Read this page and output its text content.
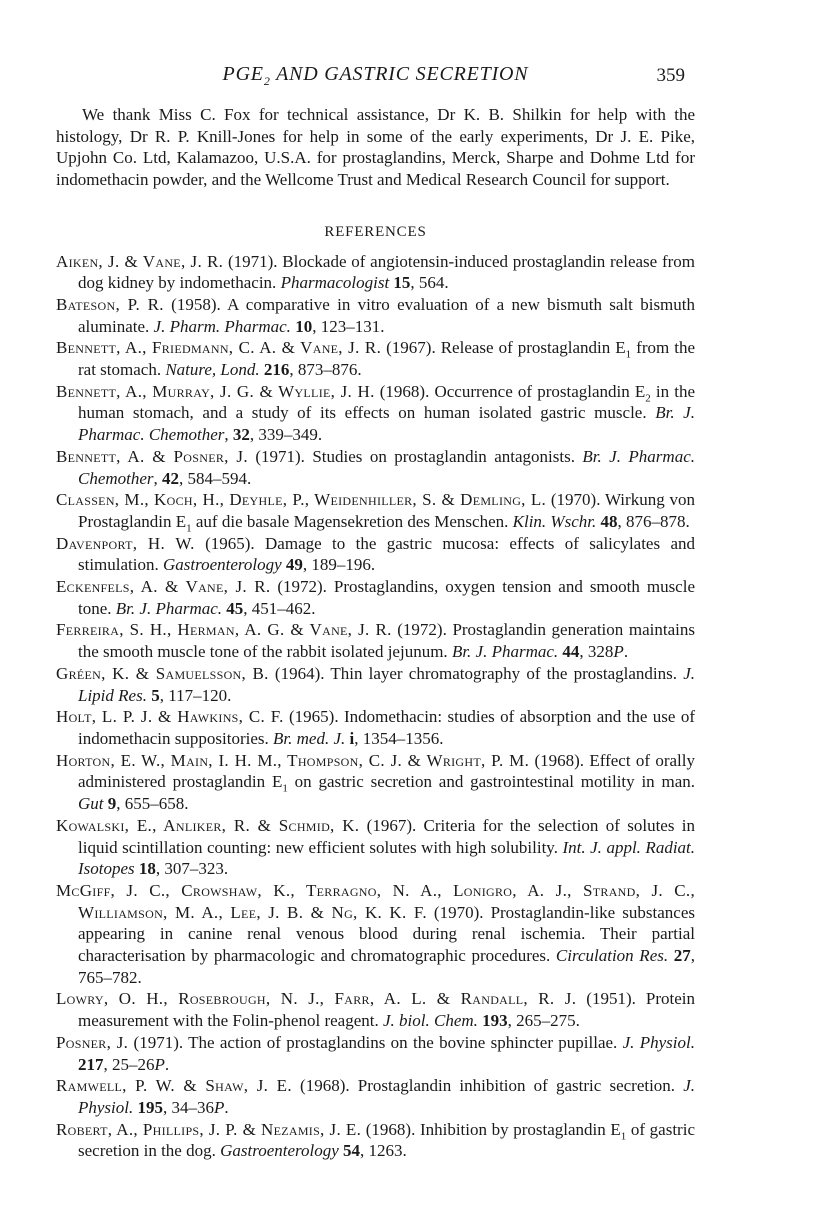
$PGE_2$ AND GASTRIC SECRETION	359

We thank Miss C. Fox for technical assistance, Dr K. B. Shilkin for help with the histology, Dr R. P. Knill-Jones for help in some of the early experiments, Dr J. E. Pike, Upjohn Co. Ltd, Kalamazoo, U.S.A. for prostaglandins, Merck, Sharpe and Dohme Ltd for indomethacin powder, and the Wellcome Trust and Medical Research Council for support.

REFERENCES

Aiken, J. & Vane, J. R. (1971). Blockade of angiotensin-induced prostaglandin release from dog kidney by indomethacin. Pharmacologist 15, 564.

Bateson, P. R. (1958). A comparative in vitro evaluation of a new bismuth salt bismuth aluminate. J. Pharm. Pharmac. 10, 123–131.

Bennett, A., Friedmann, C. A. & Vane, J. R. (1967). Release of prostaglandin $E_1$ from the rat stomach. Nature, Lond. 216, 873–876.

Bennett, A., Murray, J. G. & Wyllie, J. H. (1968). Occurrence of prostaglandin $E_2$ in the human stomach, and a study of its effects on human isolated gastric muscle. Br. J. Pharmac. Chemother, 32, 339–349.

Bennett, A. & Posner, J. (1971). Studies on prostaglandin antagonists. Br. J. Pharmac. Chemother, 42, 584–594.

Classen, M., Koch, H., Deyhle, P., Weidenhiller, S. & Demling, L. (1970). Wirkung von Prostaglandin $E_1$ auf die basale Magensekretion des Menschen. Klin. Wschr. 48, 876–878.

Davenport, H. W. (1965). Damage to the gastric mucosa: effects of salicylates and stimulation. Gastroenterology 49, 189–196.

Eckenfels, A. & Vane, J. R. (1972). Prostaglandins, oxygen tension and smooth muscle tone. Br. J. Pharmac. 45, 451–462.

Ferreira, S. H., Herman, A. G. & Vane, J. R. (1972). Prostaglandin generation maintains the smooth muscle tone of the rabbit isolated jejunum. Br. J. Pharmac. 44, 328P.

Gréen, K. & Samuelsson, B. (1964). Thin layer chromatography of the prostaglandins. J. Lipid Res. 5, 117–120.

Holt, L. P. J. & Hawkins, C. F. (1965). Indomethacin: studies of absorption and the use of indomethacin suppositories. Br. med. J. i, 1354–1356.

Horton, E. W., Main, I. H. M., Thompson, C. J. & Wright, P. M. (1968). Effect of orally administered prostaglandin $E_1$ on gastric secretion and gastrointestinal motility in man. Gut 9, 655–658.

Kowalski, E., Anliker, R. & Schmid, K. (1967). Criteria for the selection of solutes in liquid scintillation counting: new efficient solutes with high solubility. Int. J. appl. Radiat. Isotopes 18, 307–323.

McGiff, J. C., Crowshaw, K., Terragno, N. A., Lonigro, A. J., Strand, J. C., Williamson, M. A., Lee, J. B. & Ng, K. K. F. (1970). Prostaglandin-like substances appearing in canine renal venous blood during renal ischemia. Their partial characterisation by pharmacologic and chromatographic procedures. Circulation Res. 27, 765–782.

Lowry, O. H., Rosebrough, N. J., Farr, A. L. & Randall, R. J. (1951). Protein measurement with the Folin-phenol reagent. J. biol. Chem. 193, 265–275.

Posner, J. (1971). The action of prostaglandins on the bovine sphincter pupillae. J. Physiol. 217, 25–26P.

Ramwell, P. W. & Shaw, J. E. (1968). Prostaglandin inhibition of gastric secretion. J. Physiol. 195, 34–36P.

Robert, A., Phillips, J. P. & Nezamis, J. E. (1968). Inhibition by prostaglandin $E_1$ of gastric secretion in the dog. Gastroenterology 54, 1263.
